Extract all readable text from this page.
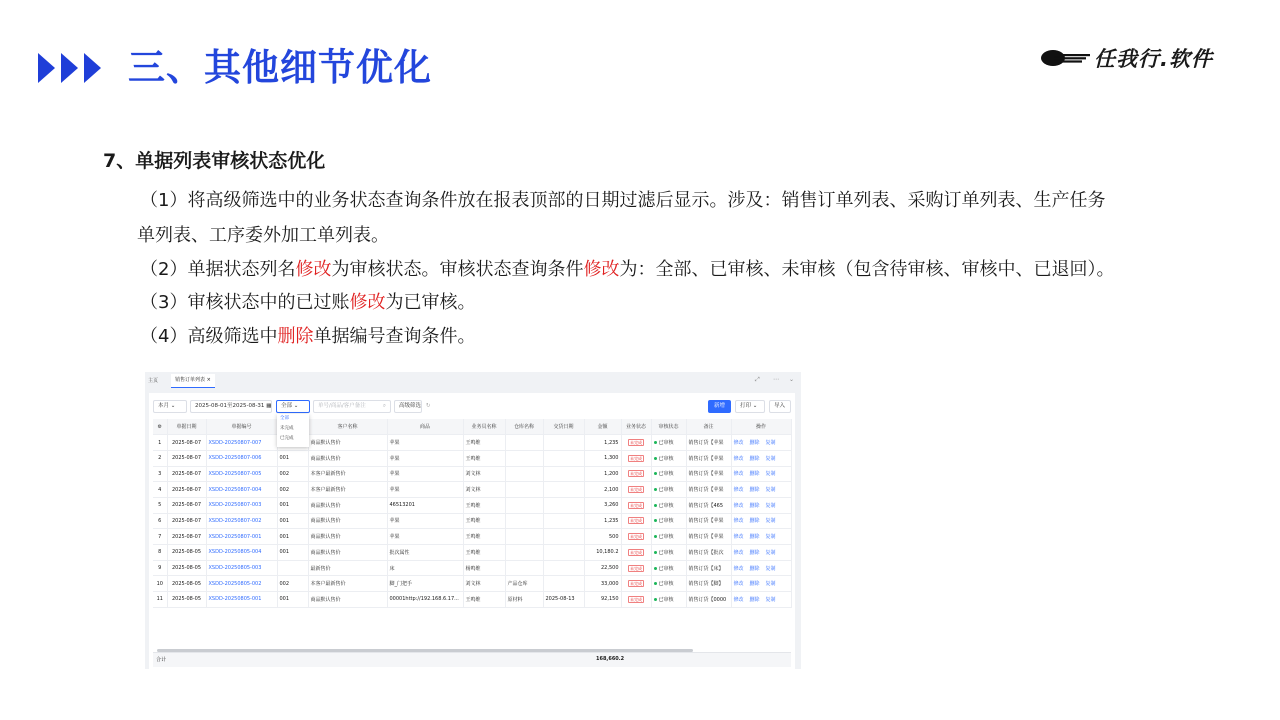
三、其他细节优化	任我行.软件
7、单据列表审核状态优化
（1）将高级筛选中的业务状态查询条件放在报表顶部的日期过滤后显示。涉及：销售订单列表、采购订单列表、生产任务
单列表、工序委外加工单列表。
（2）单据状态列名修改为审核状态。审核状态查询条件修改为：全部、已审核、未审核（包含待审核、审核中、已退回）。
（3）审核状态中的已过账修改为已审核。
（4）高级筛选中删除单据编号查询条件。
主页	销售订单列表 ×	⤢ ⋯ ⌄
本月 ⌄	2025-08-01至2025-08-31 ▦	全部 ⌄	单号/商品/客户备注	⌕	高级筛选 ↻	新增	打印 ⌄	导入
全部
未完成
已完成
⚙	单据日期	单据编号		客户名称	商品	业务员名称	仓库名称	交货日期	金额	业务状态	审核状态	备注	操作
1	2025-08-07	XSDD-20250807-007		商品默认售价	苹果	王鸣维			1,235	未完成	已审核	销售订货【苹果	修改 删除 复制
2	2025-08-07	XSDD-20250807-006	001	商品默认售价	苹果	王鸣维			1,300	未完成	已审核	销售订货【苹果	修改 删除 复制
3	2025-08-07	XSDD-20250807-005	002	本客户最新售价	苹果	刘文林			1,200	未完成	已审核	销售订货【苹果	修改 删除 复制
4	2025-08-07	XSDD-20250807-004	002	本客户最新售价	苹果	刘文林			2,100	未完成	已审核	销售订货【苹果	修改 删除 复制
5	2025-08-07	XSDD-20250807-003	001	商品默认售价	46513201	王鸣维			3,260	未完成	已审核	销售订货【465	修改 删除 复制
6	2025-08-07	XSDD-20250807-002	001	商品默认售价	苹果	王鸣维			1,235	未完成	已审核	销售订货【苹果	修改 删除 复制
7	2025-08-07	XSDD-20250807-001	001	商品默认售价	苹果	王鸣维			500	未完成	已审核	销售订货【苹果	修改 删除 复制
8	2025-08-05	XSDD-20250805-004	001	商品默认售价	批次属性	王鸣维			10,180.2	未完成	已审核	销售订货【批次	修改 删除 复制
9	2025-08-05	XSDD-20250805-003		最新售价	床	杨鸣维			22,500	未完成	已审核	销售订货【床】	修改 删除 复制
10	2025-08-05	XSDD-20250805-002	002	本客户最新售价	脚_门把手	刘文林	产品仓库		33,000	未完成	已审核	销售订货【脚】	修改 删除 复制
11	2025-08-05	XSDD-20250805-001	001	商品默认售价	00001http://192.168.6.17...	王鸣维	原材料	2025-08-13	92,150	未完成	已审核	销售订货【0000	修改 删除 复制
合计	168,660.2
